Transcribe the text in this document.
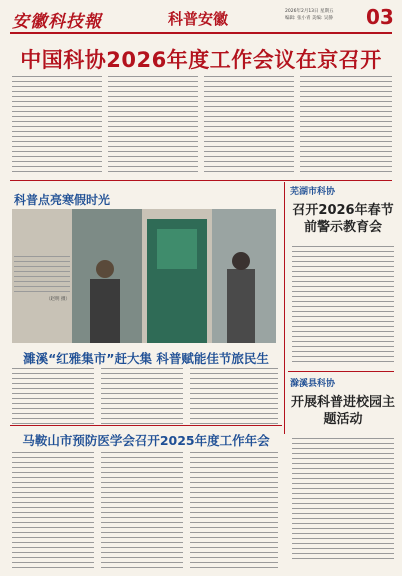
安徽科技報	科普安徽	2026年2月13日 星期五
编辑: 张小青 美编: 吴静 03
中国科协2026年度工作会议在京召开
科普点亮寒假时光
（赵明 摄）
芜湖市科协
召开2026年春节前警示教育会
滁溪县科协
开展科普进校园主题活动
濉溪“红雅集市”赶大集 科普赋能佳节旅民生
马鞍山市预防医学会召开2025年度工作年会
